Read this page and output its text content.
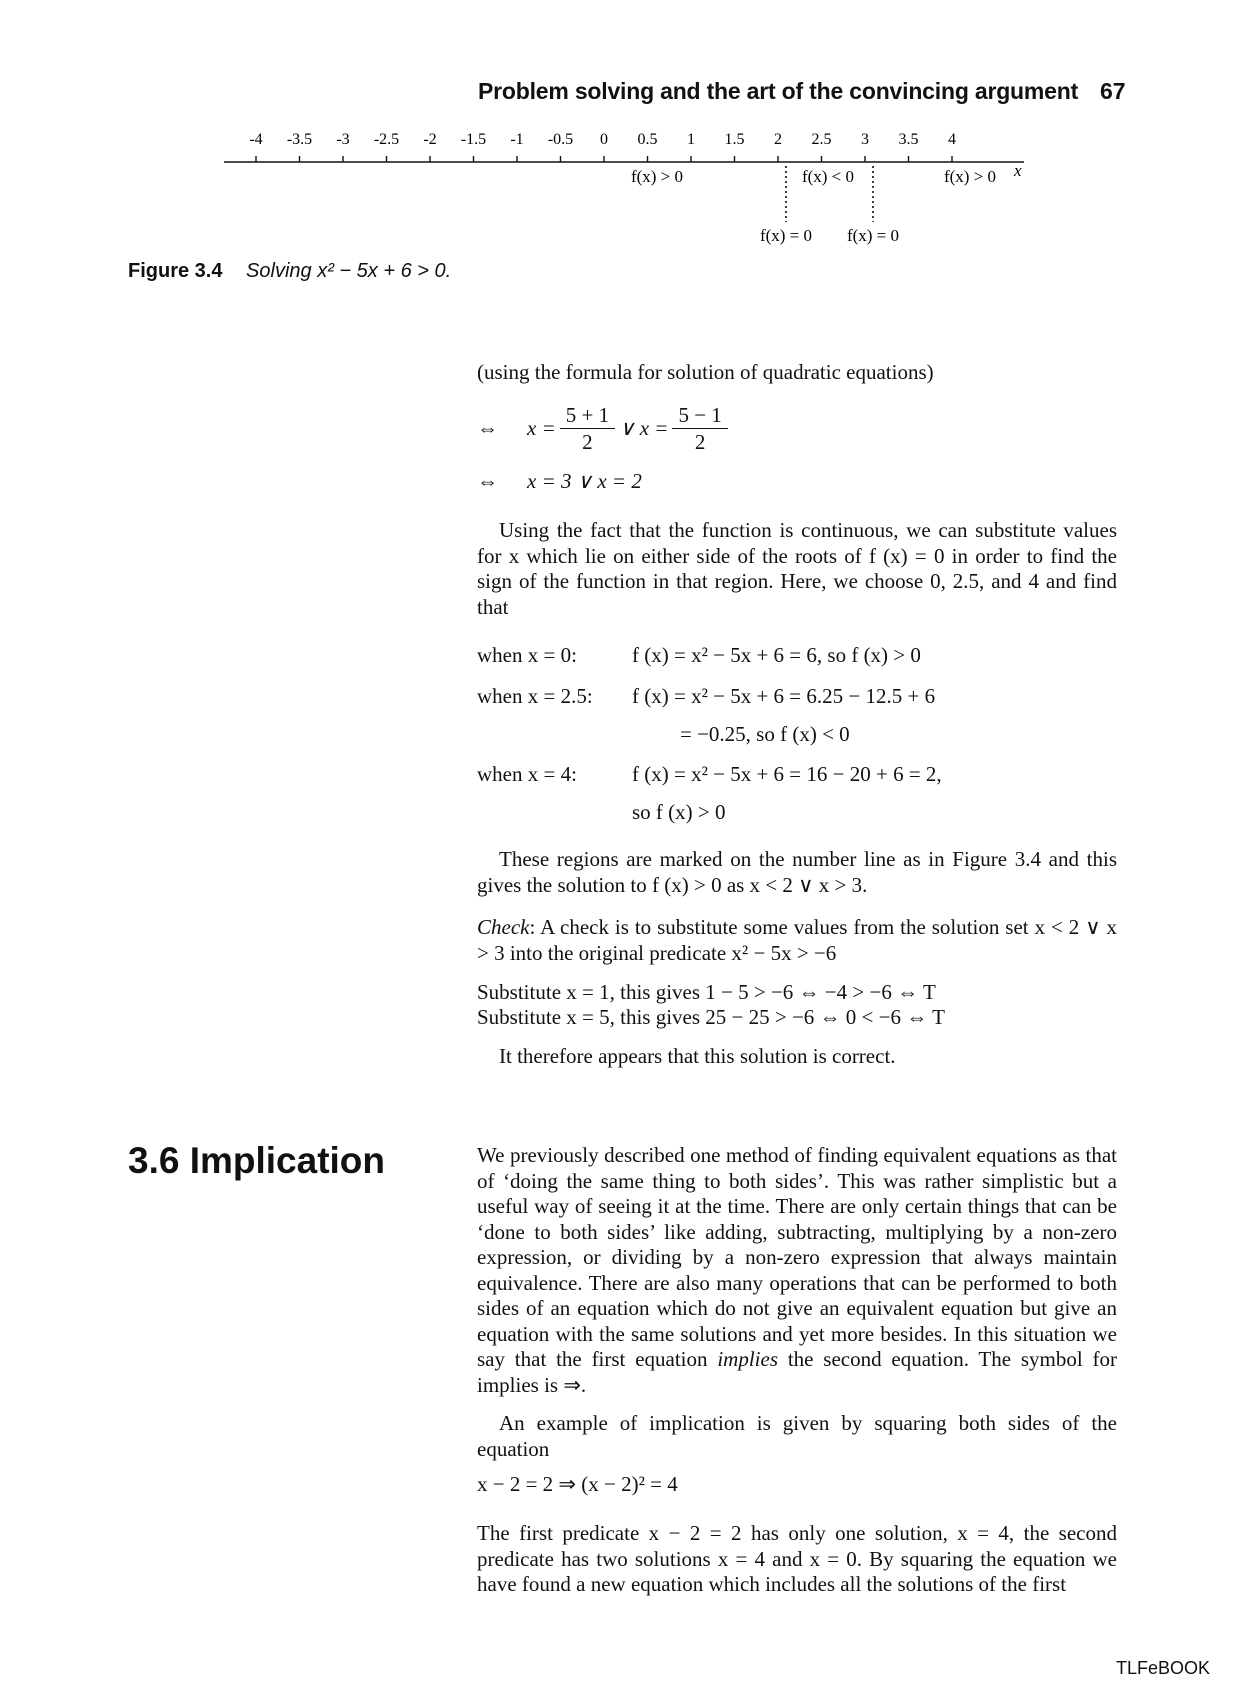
Problem solving and the art of the convincing argument 67
-4 -3.5 -3 -2.5 -2 -1.5 -1 -0.5 0 0.5 1 1.5 2 2.5 3 3.5 4
x
f(x) > 0	f(x) < 0	f(x) > 0
f(x) = 0 f(x) = 0
Figure 3.4 Solving x² − 5x + 6 > 0.
(using the formula for solution of quadratic equations)
⇔	$x = \frac{5 + 1}{2}$ ∨ $x = \frac{5 - 1}{2}$
⇔	x = 3 ∨ x = 2
Using the fact that the function is continuous, we can substitute values for x which lie on either side of the roots of f (x) = 0 in order to find the sign of the function in that region. Here, we choose 0, 2.5, and 4 and find that
when x = 0:	f (x) = x² − 5x + 6 = 6, so f (x) > 0
when x = 2.5: f (x) = x² − 5x + 6 = 6.25 − 12.5 + 6
= −0.25, so f (x) < 0
when x = 4:	f (x) = x² − 5x + 6 = 16 − 20 + 6 = 2,
so f (x) > 0
These regions are marked on the number line as in Figure 3.4 and this gives the solution to f (x) > 0 as x < 2 ∨ x > 3.
Check: A check is to substitute some values from the solution set x < 2 ∨ x > 3 into the original predicate x² − 5x > −6
Substitute x = 1, this gives 1 − 5 > −6 ⇔ −4 > −6 ⇔ T
Substitute x = 5, this gives 25 − 25 > −6 ⇔ 0 < −6 ⇔ T
It therefore appears that this solution is correct.
3.6 Implication	We previously described one method of finding equivalent equations as that of ‘doing the same thing to both sides’. This was rather simplistic but a useful way of seeing it at the time. There are only certain things that can be ‘done to both sides’ like adding, subtracting, multiplying by a non-zero expression, or dividing by a non-zero expression that always maintain equivalence. There are also many operations that can be performed to both sides of an equation which do not give an equivalent equation but give an equation with the same solutions and yet more besides. In this situation we say that the first equation implies the second equation. The symbol for implies is ⇒.
An example of implication is given by squaring both sides of the equation
x − 2 = 2 ⇒ (x − 2)² = 4
The first predicate x − 2 = 2 has only one solution, x = 4, the second predicate has two solutions x = 4 and x = 0. By squaring the equation we have found a new equation which includes all the solutions of the first
TLFeBOOK
